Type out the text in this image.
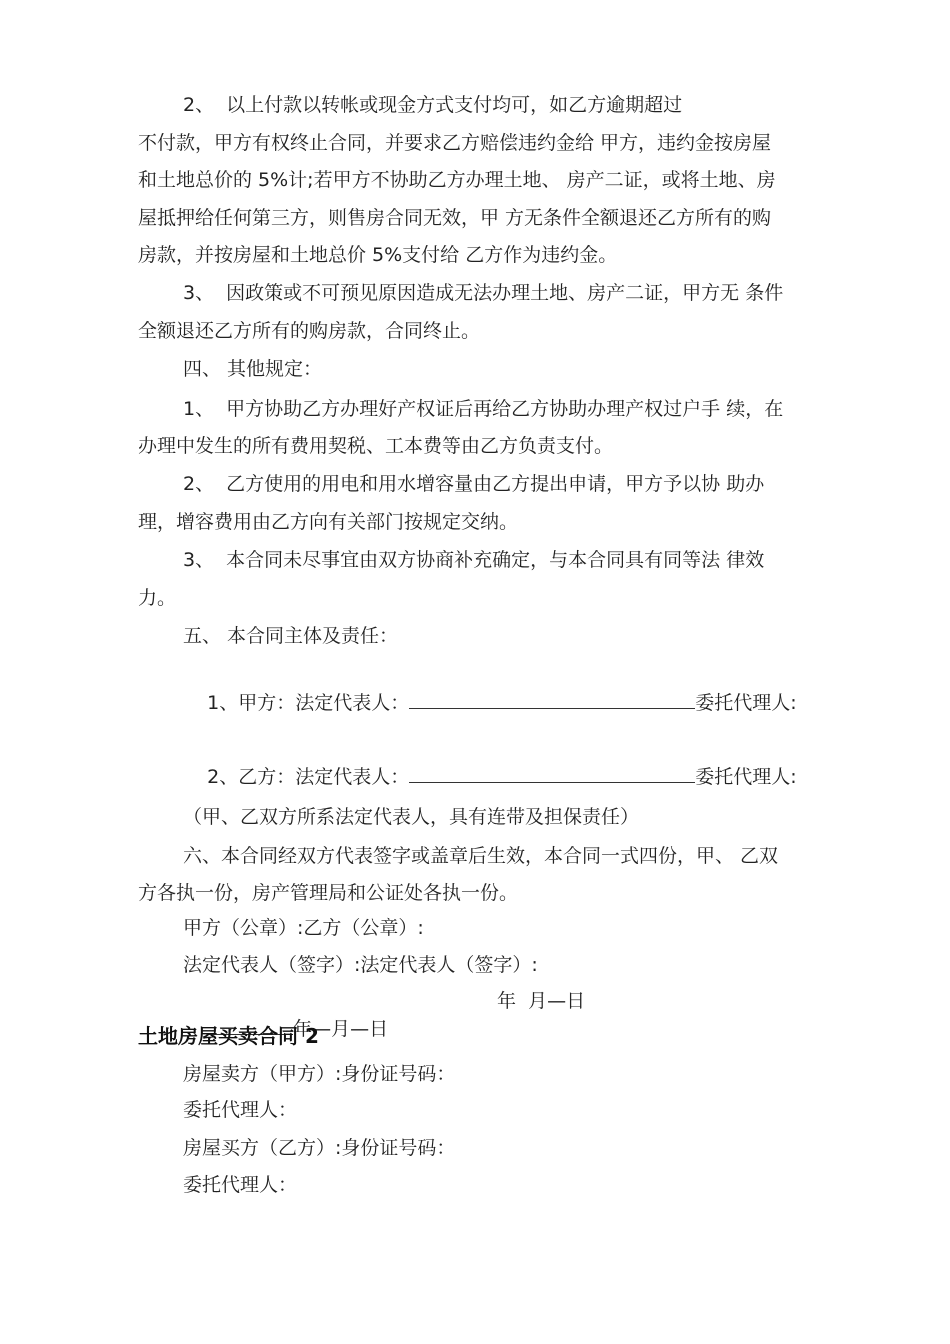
2、  以上付款以转帐或现金方式支付均可，如乙方逾期超过
不付款，甲方有权终止合同，并要求乙方赔偿违约金给 甲方，违约金按房屋
和土地总价的 5%计;若甲方不协助乙方办理土地、 房产二证，或将土地、房
屋抵押给任何第三方，则售房合同无效，甲 方无条件全额退还乙方所有的购
房款，并按房屋和土地总价 5%支付给 乙方作为违约金。
3、  因政策或不可预见原因造成无法办理土地、房产二证，甲方无 条件
全额退还乙方所有的购房款，合同终止。
四、 其他规定：
1、  甲方协助乙方办理好产权证后再给乙方协助办理产权过户手 续，在
办理中发生的所有费用契税、工本费等由乙方负责支付。
2、  乙方使用的用电和用水增容量由乙方提出申请，甲方予以协 助办
理，增容费用由乙方向有关部门按规定交纳。
3、  本合同未尽事宜由双方协商补充确定，与本合同具有同等法 律效
力。
五、 本合同主体及责任：

1、甲方：法定代表人：	委托代理人:

2、乙方：法定代表人：	委托代理人:

（甲、乙双方所系法定代表人，具有连带及担保责任）
六、本合同经双方代表签字或盖章后生效，本合同一式四份，甲、 乙双
方各执一份，房产管理局和公证处各执一份。
甲方（公章）:乙方（公章）:
法定代表人（签字）:法定代表人（签字）:

年—月—日

年  月—日
土地房屋买卖合同 2
房屋卖方（甲方）:身份证号码：
委托代理人：
房屋买方（乙方）:身份证号码：
委托代理人：
